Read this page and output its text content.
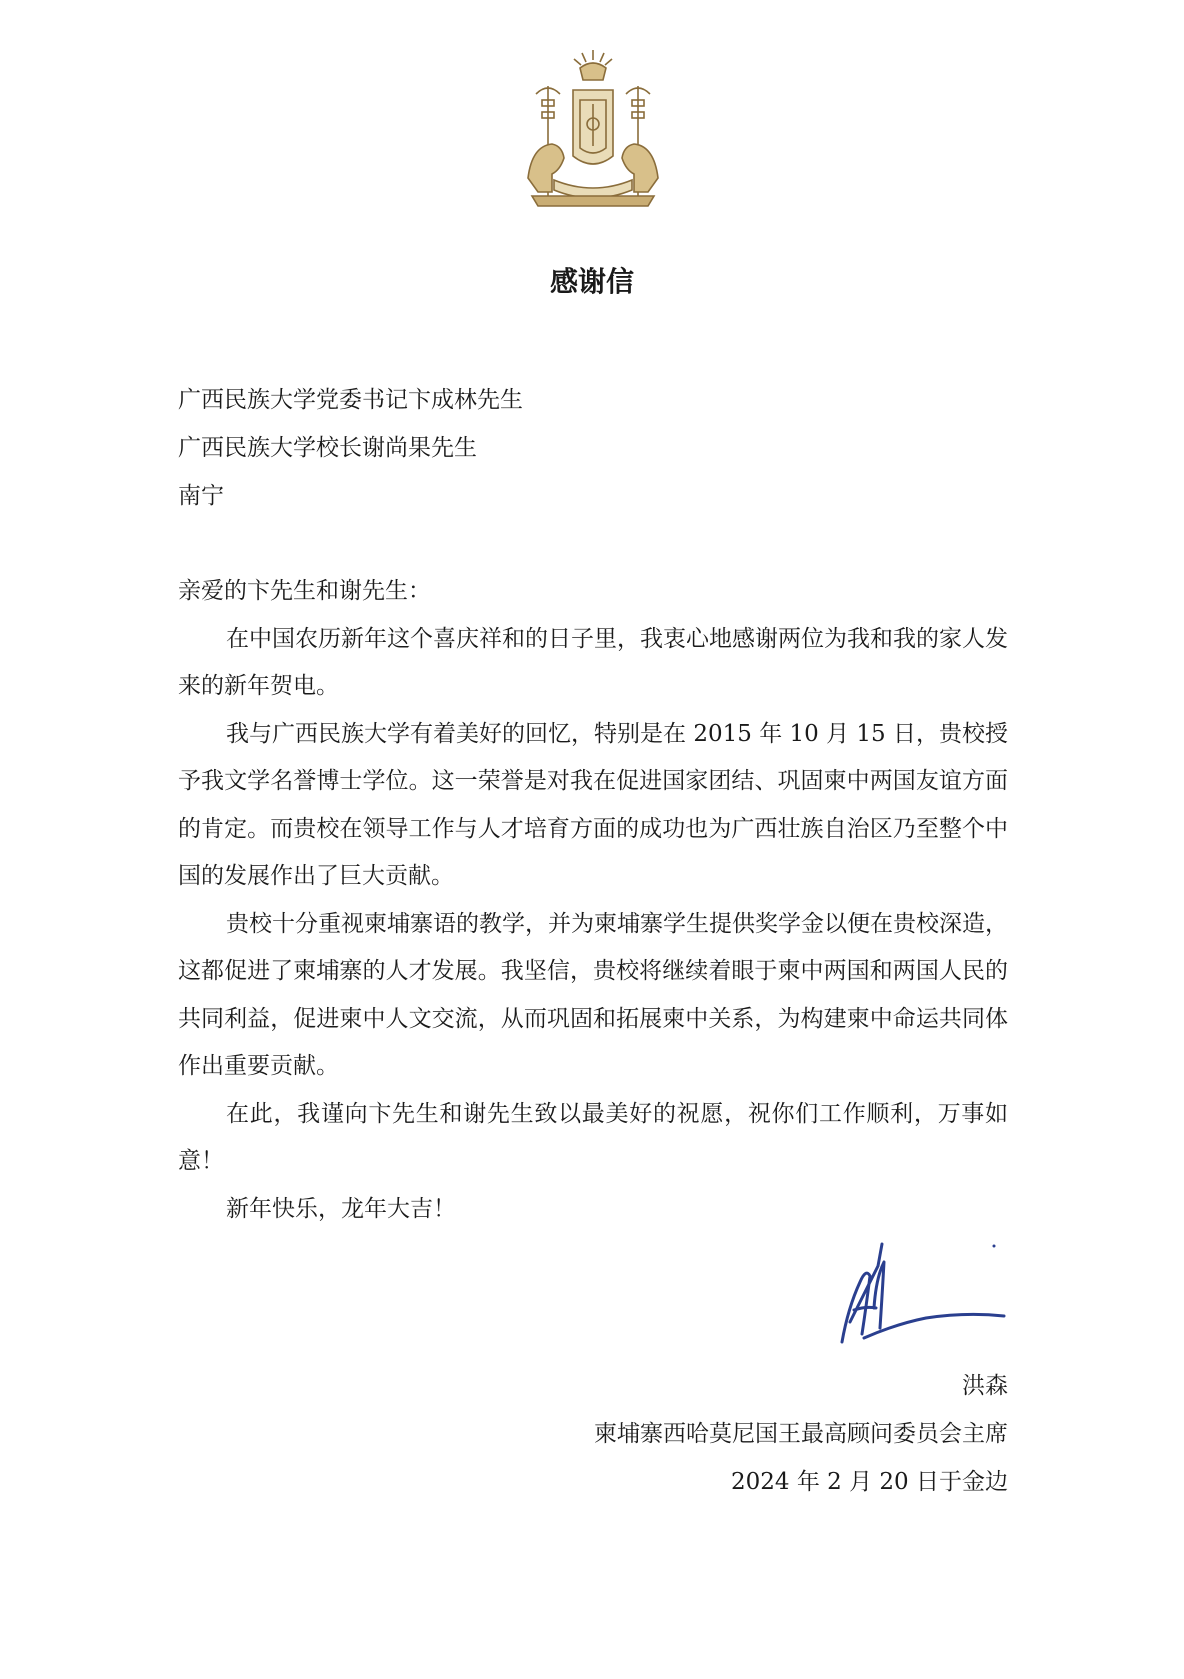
感谢信
广西民族大学党委书记卞成林先生
广西民族大学校长谢尚果先生
南宁
亲爱的卞先生和谢先生：

在中国农历新年这个喜庆祥和的日子里，我衷心地感谢两位为我和我的家人发来的新年贺电。

我与广西民族大学有着美好的回忆，特别是在 2015 年 10 月 15 日，贵校授予我文学名誉博士学位。这一荣誉是对我在促进国家团结、巩固柬中两国友谊方面的肯定。而贵校在领导工作与人才培育方面的成功也为广西壮族自治区乃至整个中国的发展作出了巨大贡献。

贵校十分重视柬埔寨语的教学，并为柬埔寨学生提供奖学金以便在贵校深造，这都促进了柬埔寨的人才发展。我坚信，贵校将继续着眼于柬中两国和两国人民的共同利益，促进柬中人文交流，从而巩固和拓展柬中关系，为构建柬中命运共同体作出重要贡献。

在此，我谨向卞先生和谢先生致以最美好的祝愿，祝你们工作顺利，万事如意！

新年快乐，龙年大吉！

洪森
柬埔寨西哈莫尼国王最高顾问委员会主席
2024 年 2 月 20 日于金边
